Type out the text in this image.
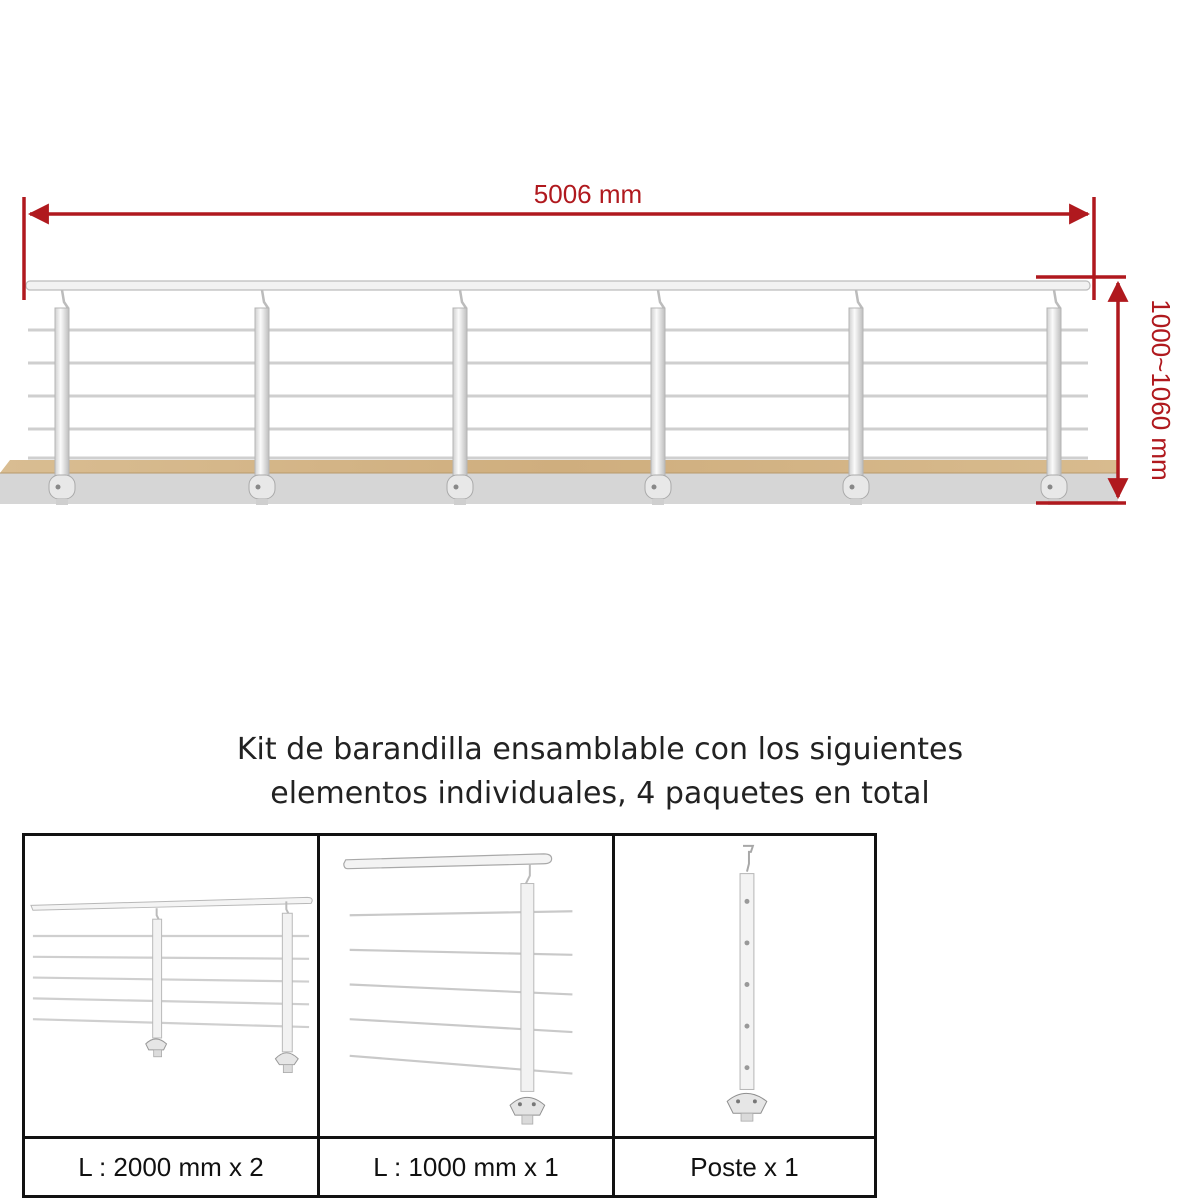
5006 mm
1000~1060 mm
Kit de barandilla ensamblable con los siguientes
elementos individuales, 4 paquetes en total
L : 2000 mm x 2	L : 1000 mm x 1	Poste x 1
